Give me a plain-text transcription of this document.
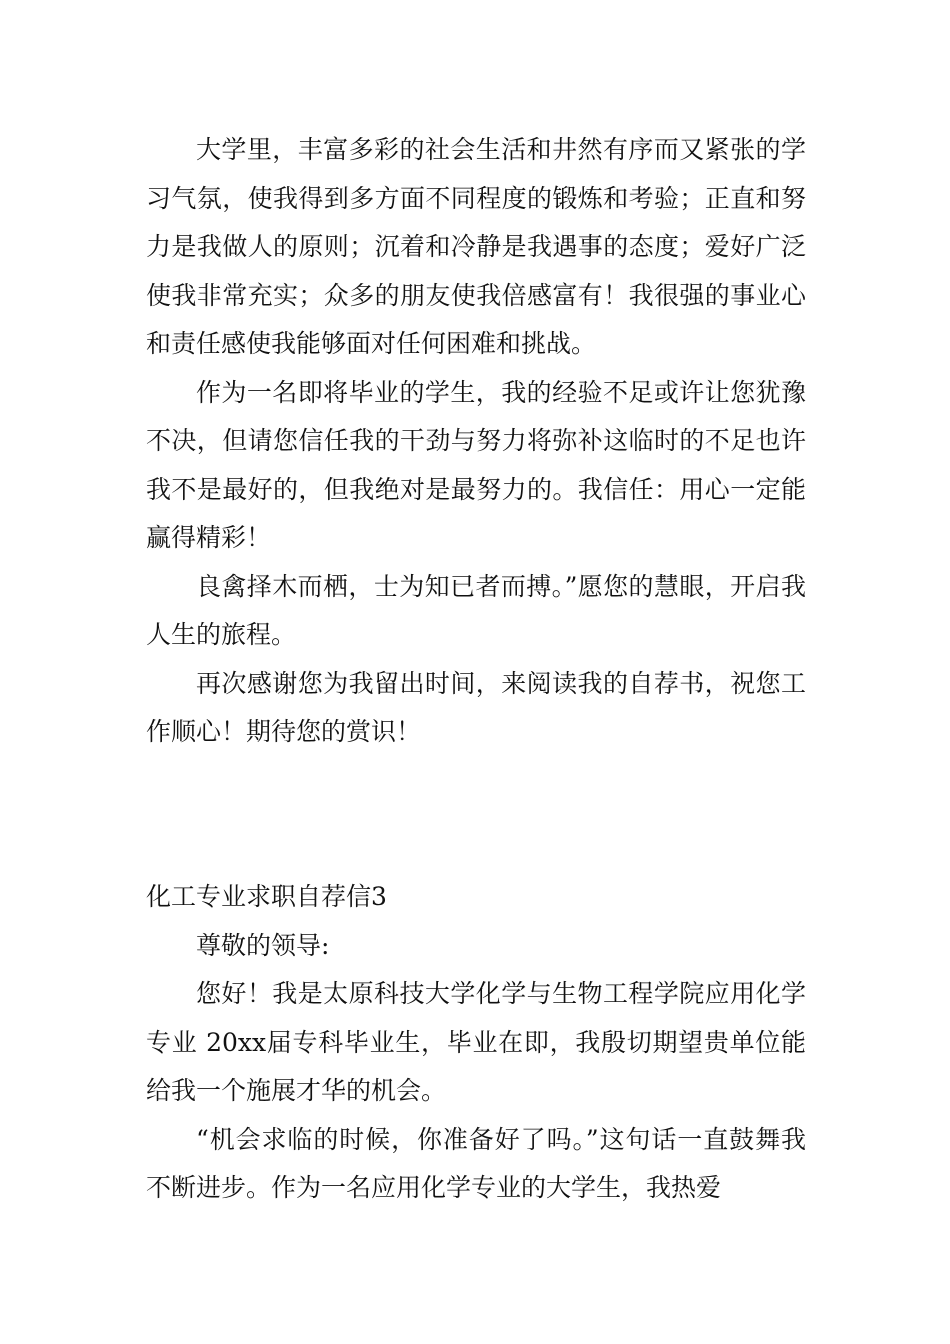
大学里，丰富多彩的社会生活和井然有序而又紧张的学习气氛，使我得到多方面不同程度的锻炼和考验；正直和努力是我做人的原则；沉着和冷静是我遇事的态度；爱好广泛使我非常充实；众多的朋友使我倍感富有！我很强的事业心和责任感使我能够面对任何困难和挑战。

作为一名即将毕业的学生，我的经验不足或许让您犹豫不决，但请您信任我的干劲与努力将弥补这临时的不足也许我不是最好的，但我绝对是最努力的。我信任：用心一定能赢得精彩！

良禽择木而栖，士为知已者而搏。”愿您的慧眼，开启我人生的旅程。

再次感谢您为我留出时间，来阅读我的自荐书，祝您工作顺心！期待您的赏识！

化工专业求职自荐信3

尊敬的领导:

您好！我是太原科技大学化学与生物工程学院应用化学专业 20xx届专科毕业生，毕业在即，我殷切期望贵单位能给我一个施展才华的机会。

“机会求临的时候，你准备好了吗。”这句话一直鼓舞我不断进步。作为一名应用化学专业的大学生，我热爱
